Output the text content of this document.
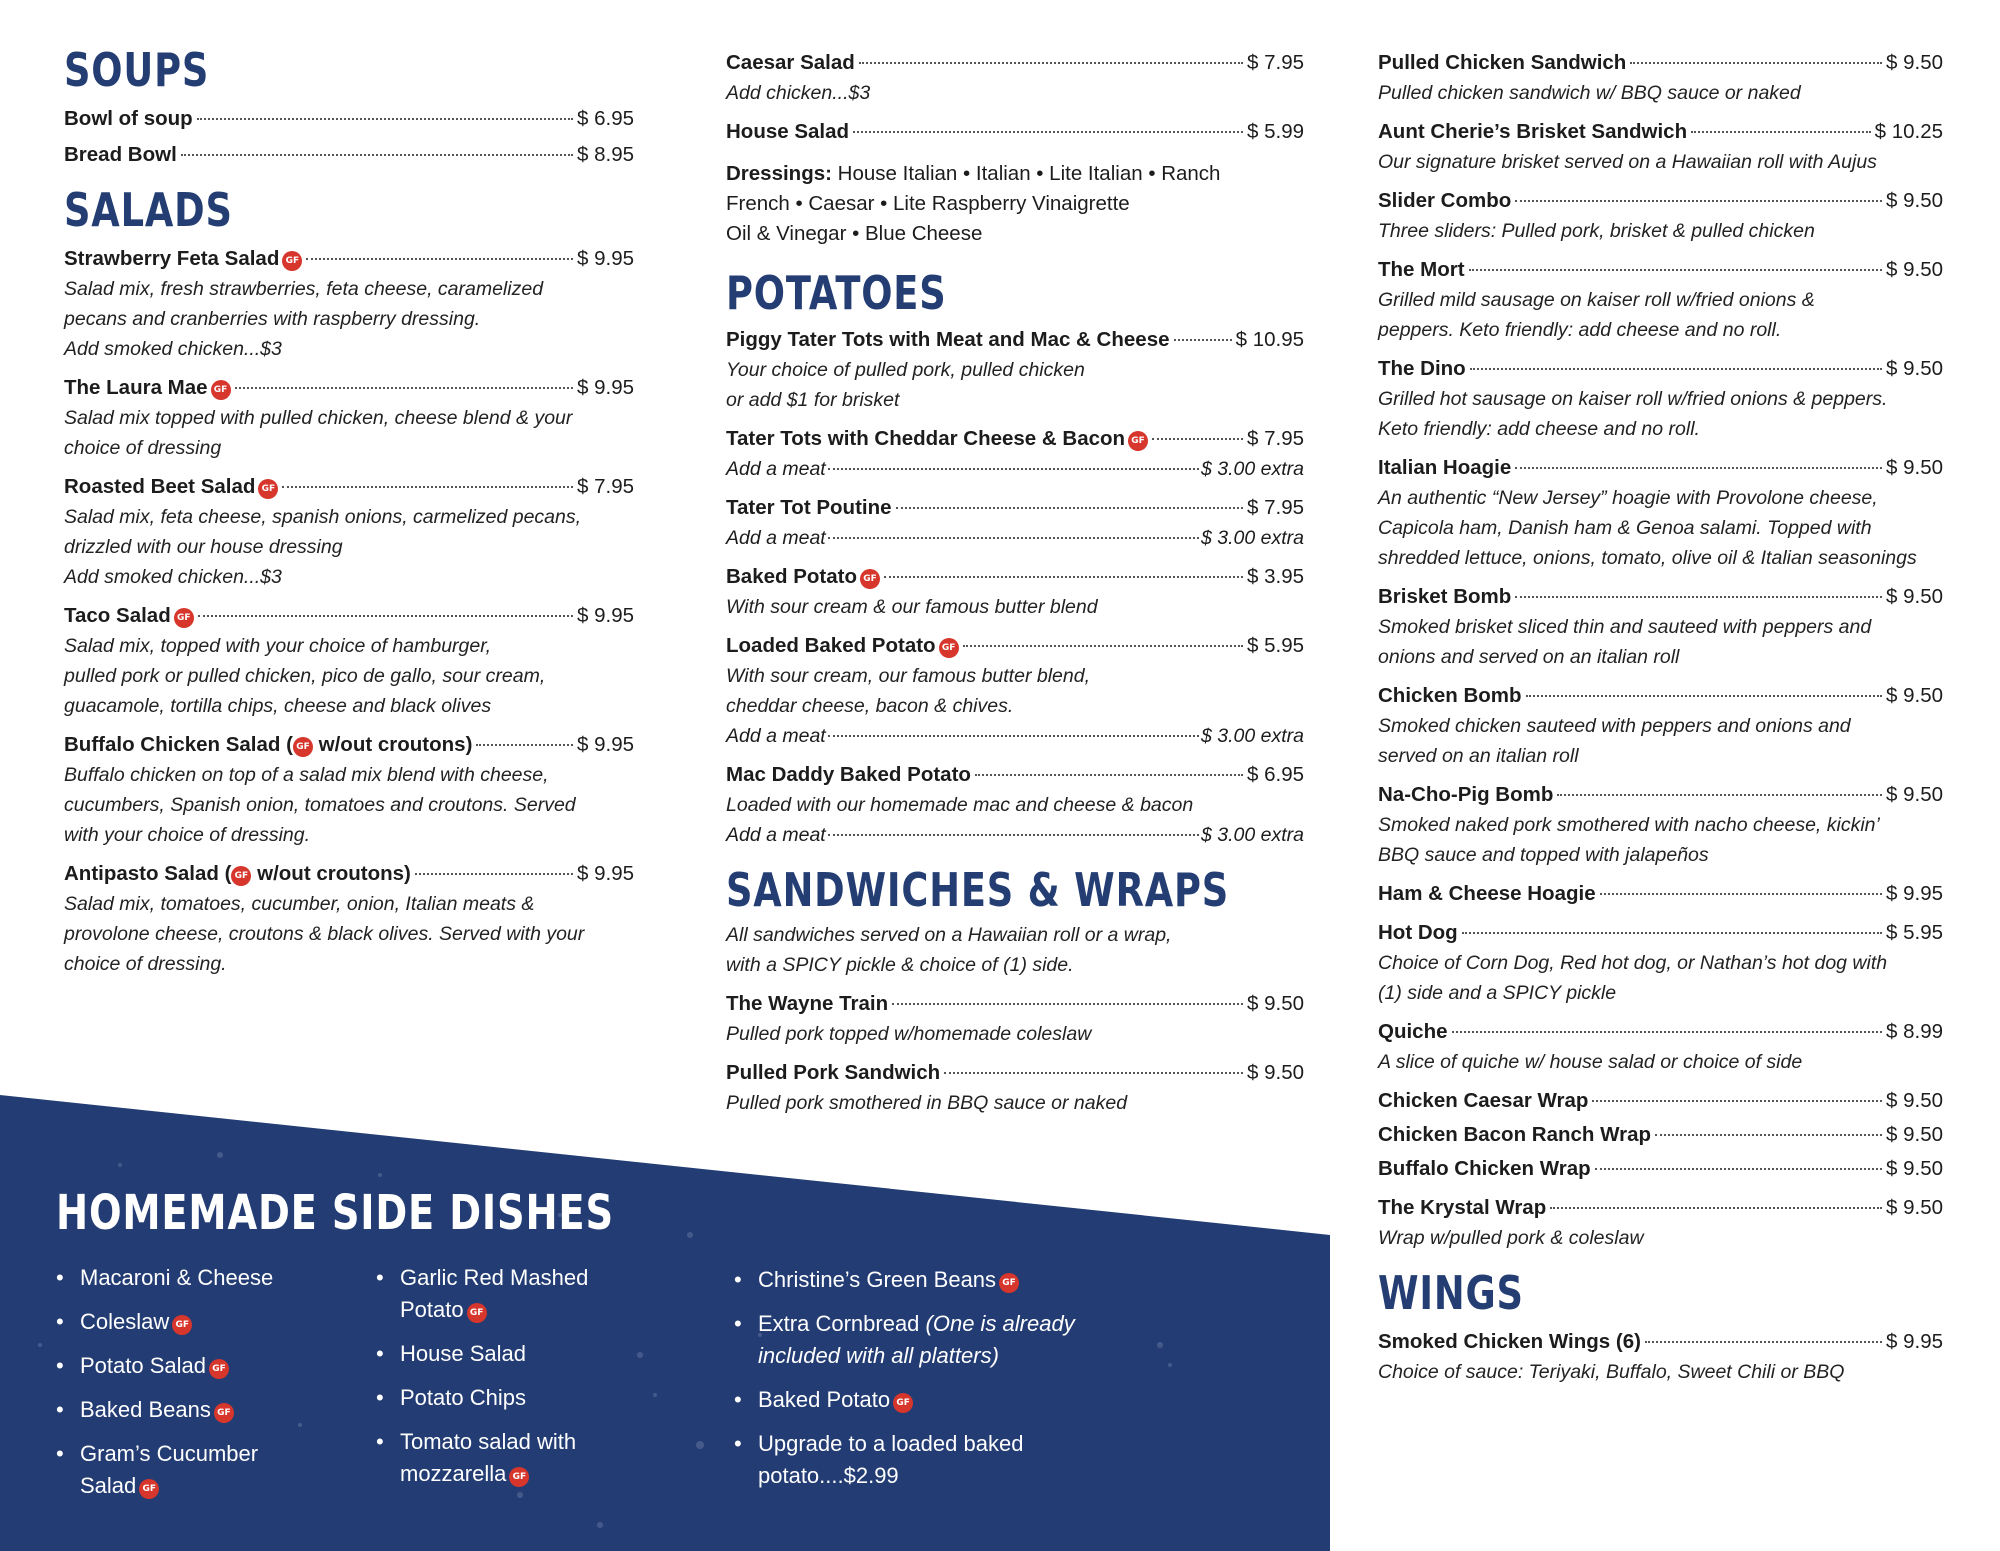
SOUPS
Bowl of soup	$ 6.95
Bread Bowl	$ 8.95
SALADS
Strawberry Feta Salad GF	$ 9.95
Salad mix, fresh strawberries, feta cheese, caramelized
pecans and cranberries with raspberry dressing.
Add smoked chicken...$3
The Laura Mae GF	$ 9.95
Salad mix topped with pulled chicken, cheese blend & your
choice of dressing
Roasted Beet Salad GF	$ 7.95
Salad mix, feta cheese, spanish onions, carmelized pecans,
drizzled with our house dressing
Add smoked chicken...$3
Taco Salad GF	$ 9.95
Salad mix, topped with your choice of hamburger,
pulled pork or pulled chicken, pico de gallo, sour cream,
guacamole, tortilla chips, cheese and black olives
Buffalo Chicken Salad ( GF w/out croutons)	$ 9.95
Buffalo chicken on top of a salad mix blend with cheese,
cucumbers, Spanish onion, tomatoes and croutons. Served
with your choice of dressing.
Antipasto Salad ( GF w/out croutons)	$ 9.95
Salad mix, tomatoes, cucumber, onion, Italian meats &
provolone cheese, croutons & black olives. Served with your
choice of dressing.
Caesar Salad	$ 7.95
Add chicken...$3
House Salad	$ 5.99
Dressings: House Italian • Italian • Lite Italian • Ranch
French • Caesar • Lite Raspberry Vinaigrette
Oil & Vinegar • Blue Cheese
POTATOES
Piggy Tater Tots with Meat and Mac & Cheese	$ 10.95
Your choice of pulled pork, pulled chicken
or add $1 for brisket
Tater Tots with Cheddar Cheese & Bacon GF	$ 7.95
Add a meat	$ 3.00 extra
Tater Tot Poutine	$ 7.95
Add a meat	$ 3.00 extra
Baked Potato GF	$ 3.95
With sour cream & our famous butter blend
Loaded Baked Potato GF	$ 5.95
With sour cream, our famous butter blend,
cheddar cheese, bacon & chives.
Add a meat	$ 3.00 extra
Mac Daddy Baked Potato	$ 6.95
Loaded with our homemade mac and cheese & bacon
Add a meat	$ 3.00 extra
SANDWICHES & WRAPS
All sandwiches served on a Hawaiian roll or a wrap,
with a SPICY pickle & choice of (1) side.
The Wayne Train	$ 9.50
Pulled pork topped w/homemade coleslaw
Pulled Pork Sandwich	$ 9.50
Pulled pork smothered in BBQ sauce or naked
Pulled Chicken Sandwich	$ 9.50
Pulled chicken sandwich w/ BBQ sauce or naked
Aunt Cherie’s Brisket Sandwich	$ 10.25
Our signature brisket served on a Hawaiian roll with Aujus
Slider Combo	$ 9.50
Three sliders: Pulled pork, brisket & pulled chicken
The Mort	$ 9.50
Grilled mild sausage on kaiser roll w/fried onions &
peppers. Keto friendly: add cheese and no roll.
The Dino	$ 9.50
Grilled hot sausage on kaiser roll w/fried onions & peppers.
Keto friendly: add cheese and no roll.
Italian Hoagie	$ 9.50
An authentic “New Jersey” hoagie with Provolone cheese,
Capicola ham, Danish ham & Genoa salami. Topped with
shredded lettuce, onions, tomato, olive oil & Italian seasonings
Brisket Bomb	$ 9.50
Smoked brisket sliced thin and sauteed with peppers and
onions and served on an italian roll
Chicken Bomb	$ 9.50
Smoked chicken sauteed with peppers and onions and
served on an italian roll
Na-Cho-Pig Bomb	$ 9.50
Smoked naked pork smothered with nacho cheese, kickin’
BBQ sauce and topped with jalapeños
Ham & Cheese Hoagie	$ 9.95
Hot Dog	$ 5.95
Choice of Corn Dog, Red hot dog, or Nathan’s hot dog with
(1) side and a SPICY pickle
Quiche	$ 8.99
A slice of quiche w/ house salad or choice of side
Chicken Caesar Wrap	$ 9.50
Chicken Bacon Ranch Wrap	$ 9.50
Buffalo Chicken Wrap	$ 9.50
The Krystal Wrap	$ 9.50
Wrap w/pulled pork & coleslaw
WINGS
Smoked Chicken Wings (6)	$ 9.95
Choice of sauce: Teriyaki, Buffalo, Sweet Chili or BBQ
HOMEMADE SIDE DISHES
• Macaroni & Cheese
• Coleslaw GF
• Potato Salad GF
• Baked Beans GF
• Gram’s Cucumber
Salad GF
• Garlic Red Mashed
Potato GF
• House Salad
• Potato Chips
• Tomato salad with
mozzarella GF
• Christine’s Green Beans GF
• Extra Cornbread (One is already
included with all platters)
• Baked Potato GF
• Upgrade to a loaded baked
potato....$2.99
